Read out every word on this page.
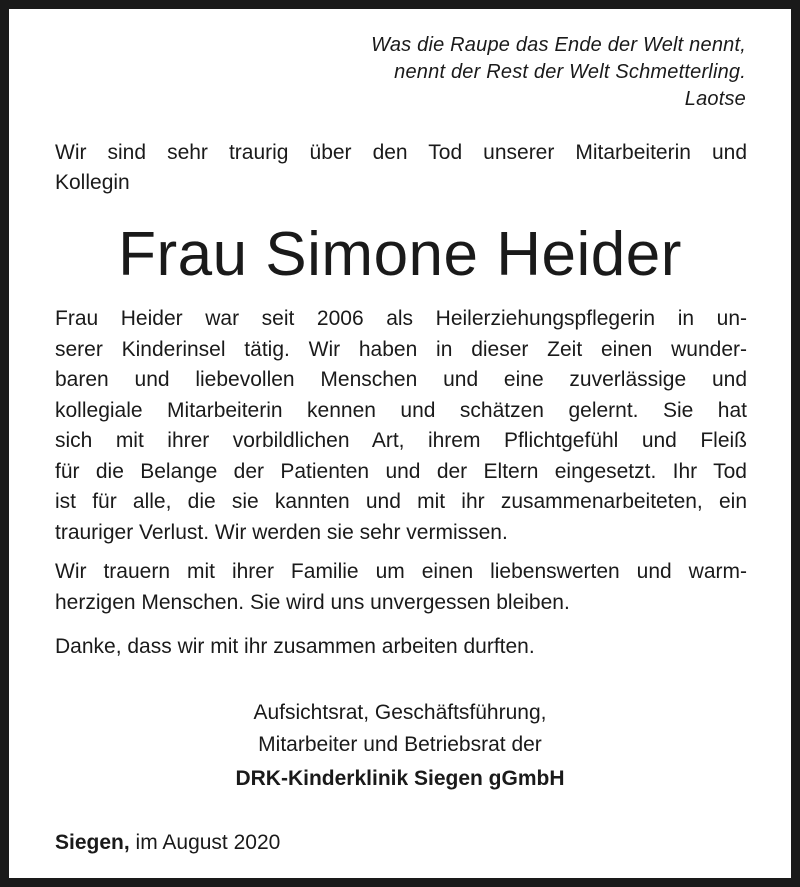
Was die Raupe das Ende der Welt nennt,
nennt der Rest der Welt Schmetterling.
Laotse
Wir sind sehr traurig über den Tod unserer Mitarbeiterin und
Kollegin
Frau Simone Heider
Frau Heider war seit 2006 als Heilerziehungspflegerin in un-
serer Kinderinsel tätig. Wir haben in dieser Zeit einen wunder-
baren und liebevollen Menschen und eine zuverlässige und
kollegiale Mitarbeiterin kennen und schätzen gelernt. Sie hat
sich mit ihrer vorbildlichen Art, ihrem Pflichtgefühl und Fleiß
für die Belange der Patienten und der Eltern eingesetzt. Ihr Tod
ist für alle, die sie kannten und mit ihr zusammenarbeiteten, ein
trauriger Verlust. Wir werden sie sehr vermissen.
Wir trauern mit ihrer Familie um einen liebenswerten und warm-
herzigen Menschen. Sie wird uns unvergessen bleiben.
Danke, dass wir mit ihr zusammen arbeiten durften.
Aufsichtsrat, Geschäftsführung,
Mitarbeiter und Betriebsrat der
DRK-Kinderklinik Siegen gGmbH
Siegen, im August 2020
